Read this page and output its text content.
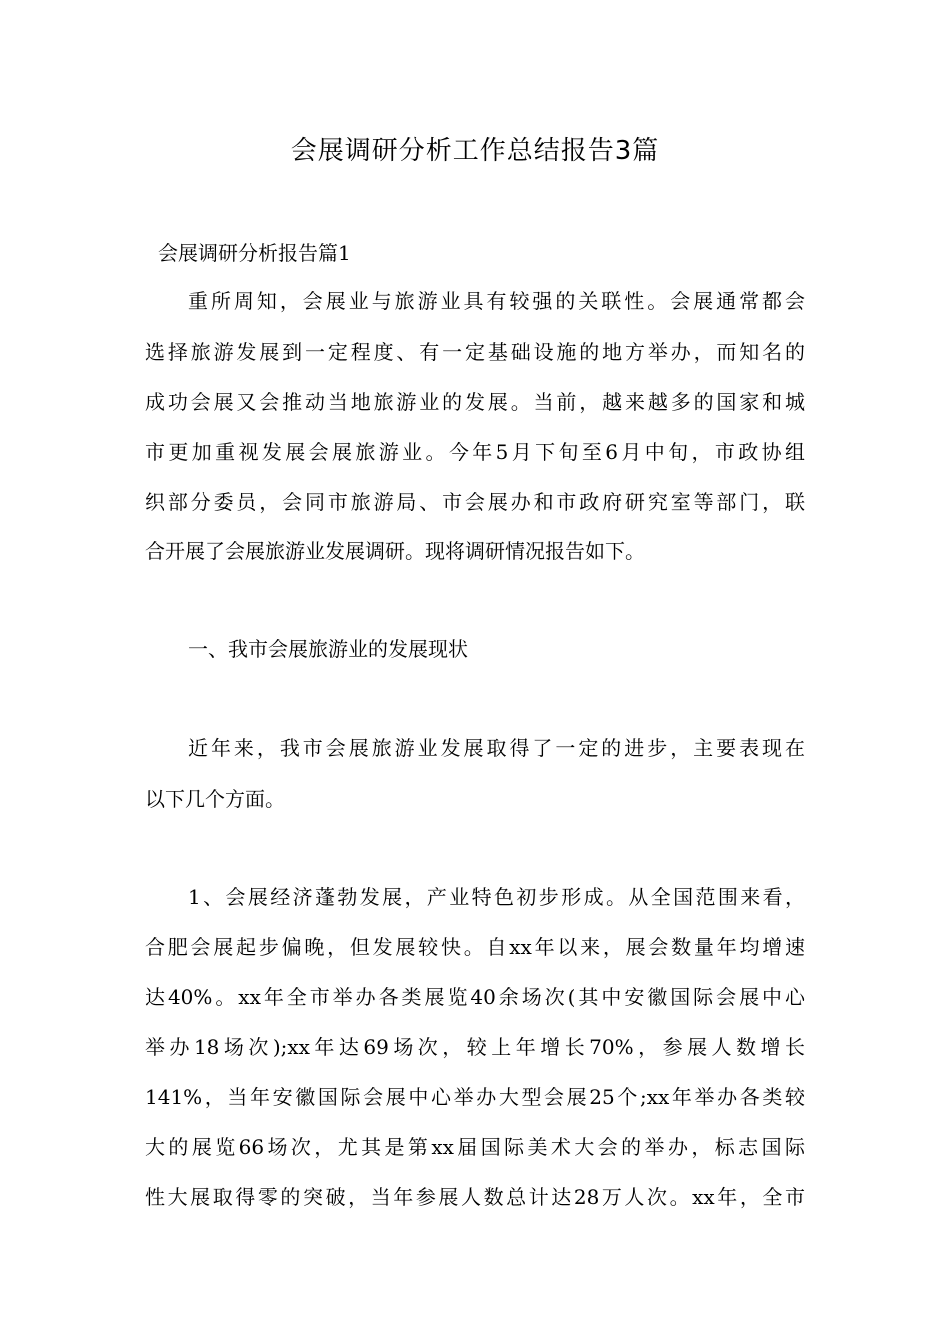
会展调研分析工作总结报告3篇
会展调研分析报告篇1
重所周知，会展业与旅游业具有较强的关联性。会展通常都会
选择旅游发展到一定程度、有一定基础设施的地方举办，而知名的
成功会展又会推动当地旅游业的发展。当前，越来越多的国家和城
市更加重视发展会展旅游业。今年5月下旬至6月中旬，市政协组
织部分委员，会同市旅游局、市会展办和市政府研究室等部门，联
合开展了会展旅游业发展调研。现将调研情况报告如下。
一、我市会展旅游业的发展现状
近年来，我市会展旅游业发展取得了一定的进步，主要表现在
以下几个方面。
1、会展经济蓬勃发展，产业特色初步形成。从全国范围来看，
合肥会展起步偏晚，但发展较快。自xx年以来，展会数量年均增速
达40%。xx年全市举办各类展览40余场次(其中安徽国际会展中心
举办18场次);xx年达69场次，较上年增长70%，参展人数增长
141%，当年安徽国际会展中心举办大型会展25个;xx年举办各类较
大的展览66场次，尤其是第xx届国际美术大会的举办，标志国际
性大展取得零的突破，当年参展人数总计达28万人次。xx年，全市
